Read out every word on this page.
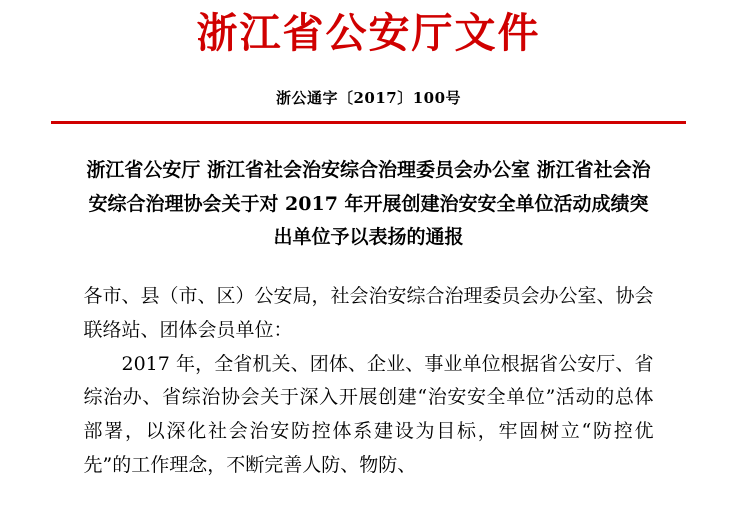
浙江省公安厅文件
浙公通字〔2017〕100号
浙江省公安厅 浙江省社会治安综合治理委员会办公室 浙江省社会治安综合治理协会关于对 2017 年开展创建治安安全单位活动成绩突出单位予以表扬的通报

各市、县（市、区）公安局，社会治安综合治理委员会办公室、协会联络站、团体会员单位：

2017 年，全省机关、团体、企业、事业单位根据省公安厅、省综治办、省综治协会关于深入开展创建“治安安全单位”活动的总体部署，以深化社会治安防控体系建设为目标，牢固树立“防控优先”的工作理念，不断完善人防、物防、
